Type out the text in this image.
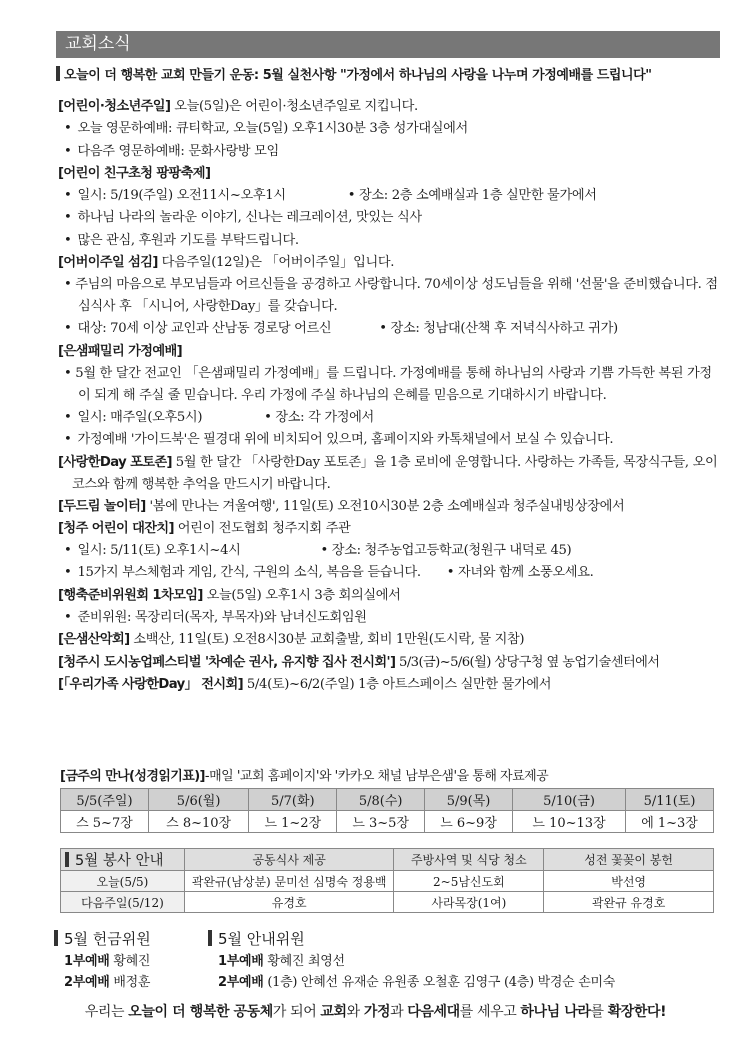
교회소식
오늘이 더 행복한 교회 만들기 운동: 5월 실천사항 "가정에서 하나님의 사랑을 나누며 가정예배를 드립니다"
[어린이·청소년주일] 오늘(5일)은 어린이·청소년주일로 지킵니다.
• 오늘 영문하예배: 큐티학교, 오늘(5일) 오후1시30분 3층 성가대실에서
• 다음주 영문하예배: 문화사랑방 모임
[어린이 친구초청 팡팡축제]
• 일시: 5/19(주일) 오전11시~오후1시	• 장소: 2층 소예배실과 1층 실만한 물가에서
• 하나님 나라의 놀라운 이야기, 신나는 레크레이션, 맛있는 식사
• 많은 관심, 후원과 기도를 부탁드립니다.
[어버이주일 섬김] 다음주일(12일)은 「어버이주일」입니다.
• 주님의 마음으로 부모님들과 어르신들을 공경하고 사랑합니다. 70세이상 성도님들을 위해 '선물'을 준비했습니다. 점심식사 후 「시니어, 사랑한Day」를 갖습니다.
• 대상: 70세 이상 교인과 산남동 경로당 어르신	• 장소: 청남대(산책 후 저녁식사하고 귀가)
[은샘패밀리 가정예배]
• 5월 한 달간 전교인 「은샘패밀리 가정예배」를 드립니다. 가정예배를 통해 하나님의 사랑과 기쁨 가득한 복된 가정이 되게 해 주실 줄 믿습니다. 우리 가정에 주실 하나님의 은혜를 믿음으로 기대하시기 바랍니다.
• 일시: 매주일(오후5시)	• 장소: 각 가정에서
• 가정예배 '가이드북'은 필경대 위에 비치되어 있으며, 홈페이지와 카톡채널에서 보실 수 있습니다.
[사랑한Day 포토존] 5월 한 달간 「사랑한Day 포토존」을 1층 로비에 운영합니다. 사랑하는 가족들, 목장식구들, 오이코스와 함께 행복한 추억을 만드시기 바랍니다.
[두드림 놀이터] '봄에 만나는 겨울여행', 11일(토) 오전10시30분 2층 소예배실과 청주실내빙상장에서
[청주 어린이 대잔치] 어린이 전도협회 청주지회 주관
• 일시: 5/11(토) 오후1시~4시	• 장소: 청주농업고등학교(청원구 내덕로 45)
• 15가지 부스체험과 게임, 간식, 구원의 소식, 복음을 듣습니다. • 자녀와 함께 소풍오세요.
[행축준비위원회 1차모임] 오늘(5일) 오후1시 3층 회의실에서
• 준비위원: 목장리더(목자, 부목자)와 남녀신도회임원
[은샘산악회] 소백산, 11일(토) 오전8시30분 교회출발, 회비 1만원(도시락, 물 지참)
[청주시 도시농업페스티벌 '차예순 권사, 유지향 집사 전시회'] 5/3(금)~5/6(월) 상당구청 옆 농업기술센터에서
[「우리가족 사랑한Day」 전시회] 5/4(토)~6/2(주일) 1층 아트스페이스 실만한 물가에서
[금주의 만나(성경읽기표)]-매일 '교회 홈페이지'와 '카카오 채널 남부은샘'을 통해 자료제공
5/5(주일)	5/6(월)	5/7(화)	5/8(수)	5/9(목)	5/10(금)	5/11(토)
스 5~7장	스 8~10장	느 1~2장	느 3~5장	느 6~9장	느 10~13장	에 1~3장
5월 봉사 안내	공동식사 제공	주방사역 및 식당 청소	성전 꽃꽂이 봉헌
오늘(5/5)	곽완규(남상분) 문미선 심명숙 정용백	2~5남신도회	박선영
다음주일(5/12)	유경호	사라목장(1여)	곽완규 유경호
5월 헌금위원
1부예배 황혜진
2부예배 배정훈
5월 안내위원
1부예배 황혜진 최영선
2부예배 (1층) 안혜선 유재순 유원종 오철훈 김영구 (4층) 박경순 손미숙
우리는 오늘이 더 행복한 공동체가 되어 교회와 가정과 다음세대를 세우고 하나님 나라를 확장한다!
